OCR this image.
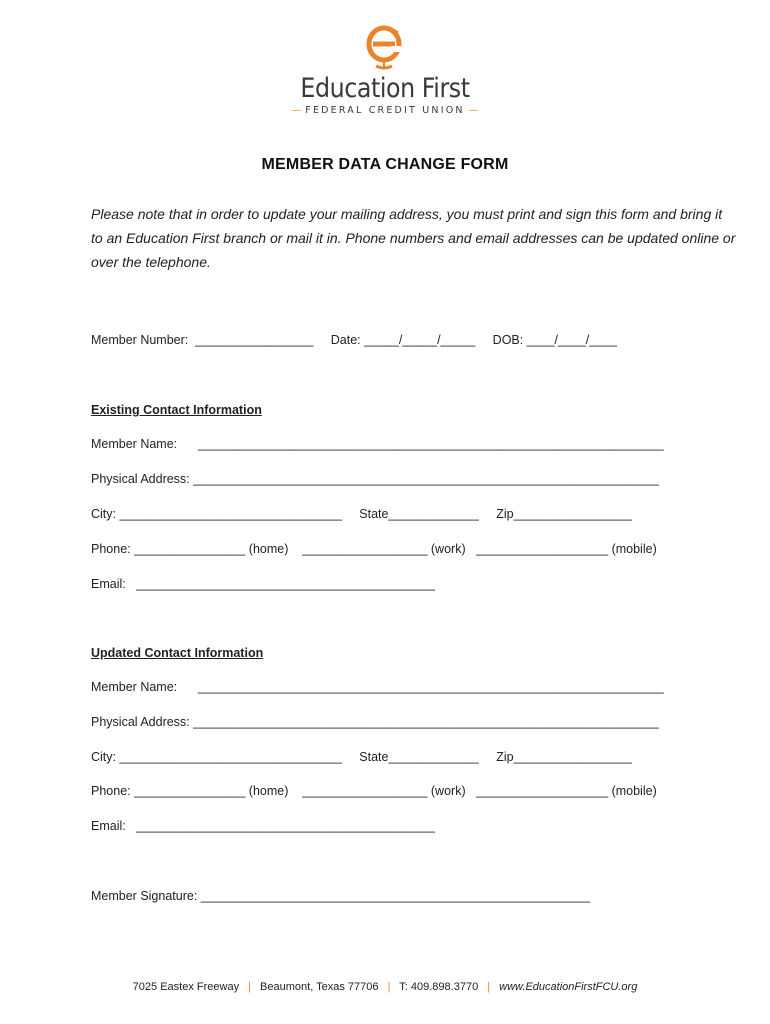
Education First
— FEDERAL CREDIT UNION —
MEMBER DATA CHANGE FORM
Please note that in order to update your mailing address, you must print and sign this form and bring it to an Education First branch or mail it in. Phone numbers and email addresses can be updated online or over the telephone.
Member Number:  _________________     Date: _____/_____/_____     DOB: ____/____/____
Existing Contact Information
Member Name:      ___________________________________________________________________
Physical Address: ___________________________________________________________________
City: ________________________________     State_____________     Zip_________________
Phone: ________________ (home)    __________________ (work)   ___________________ (mobile)
Email:   ___________________________________________
Updated Contact Information
Member Name:      ___________________________________________________________________
Physical Address: ___________________________________________________________________
City: ________________________________     State_____________     Zip_________________
Phone: ________________ (home)    __________________ (work)   ___________________ (mobile)
Email:   ___________________________________________
Member Signature: ________________________________________________________
7025 Eastex Freeway | Beaumont, Texas 77706 | T: 409.898.3770 | www.EducationFirstFCU.org
